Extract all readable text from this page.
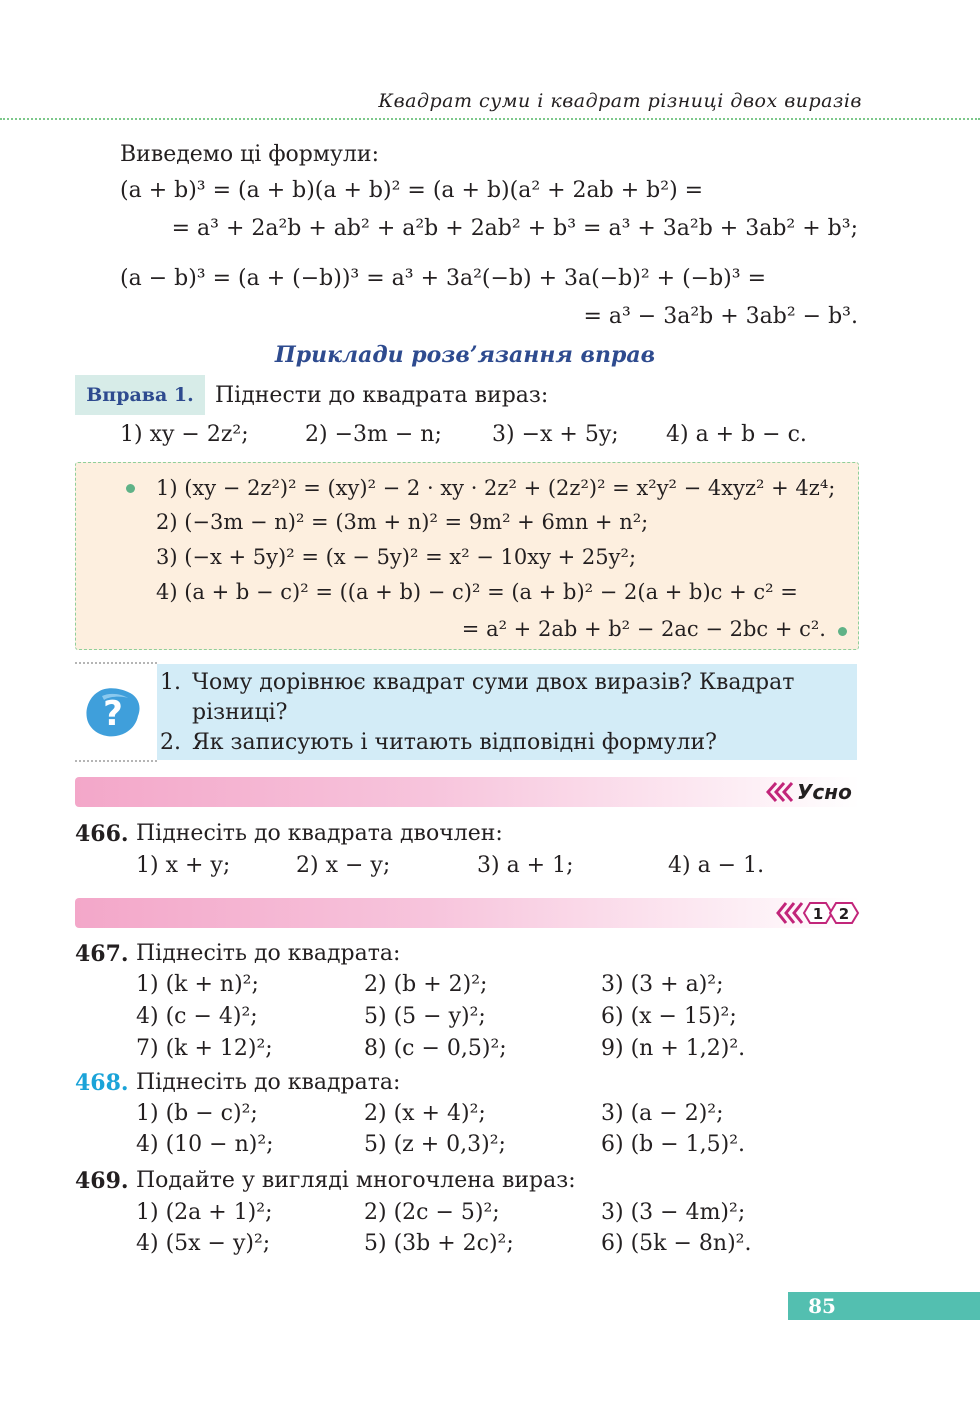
Квадрат суми і квадрат різниці двох виразів
Виведемо ці формули:
(a + b)³ = (a + b)(a + b)² = (a + b)(a² + 2ab + b²) =
= a³ + 2a²b + ab² + a²b + 2ab² + b³ = a³ + 3a²b + 3ab² + b³;
(a − b)³ = (a + (−b))³ = a³ + 3a²(−b) + 3a(−b)² + (−b)³ =
= a³ − 3a²b + 3ab² − b³.
Приклади розв’язання вправ
Вправа 1. Піднести до квадрата вираз:
1) xy − 2z²;	2) −3m − n; 3) −x + 5y; 4) a + b − c.
1) (xy − 2z²)² = (xy)² − 2 · xy · 2z² + (2z²)² = x²y² − 4xyz² + 4z⁴;
2) (−3m − n)² = (3m + n)² = 9m² + 6mn + n²;
3) (−x + 5y)² = (x − 5y)² = x² − 10xy + 25y²;
4) (a + b − c)² = ((a + b) − c)² = (a + b)² − 2(a + b)c + c² =
= a² + 2ab + b² − 2ac − 2bc + c².
?
1. Чому дорівнює квадрат суми двох виразів? Квадрат
різниці?
2. Як записують і читають відповідні формули?
Усно
466. Піднесіть до квадрата двочлен:
1) x + y;	2) x − y;	3) a + 1;	4) a − 1.
1 2
467. Піднесіть до квадрата:
1) (k + n)²;	2) (b + 2)²;	3) (3 + a)²;
4) (c − 4)²;	5) (5 − y)²;	6) (x − 15)²;
7) (k + 12)²;	8) (c − 0,5)²;	9) (n + 1,2)².
468. Піднесіть до квадрата:
1) (b − c)²;	2) (x + 4)²;	3) (a − 2)²;
4) (10 − n)²;	5) (z + 0,3)²;	6) (b − 1,5)².
469. Подайте у вигляді многочлена вираз:
1) (2a + 1)²;	2) (2c − 5)²;	3) (3 − 4m)²;
4) (5x − y)²;	5) (3b + 2c)²;	6) (5k − 8n)².
85
